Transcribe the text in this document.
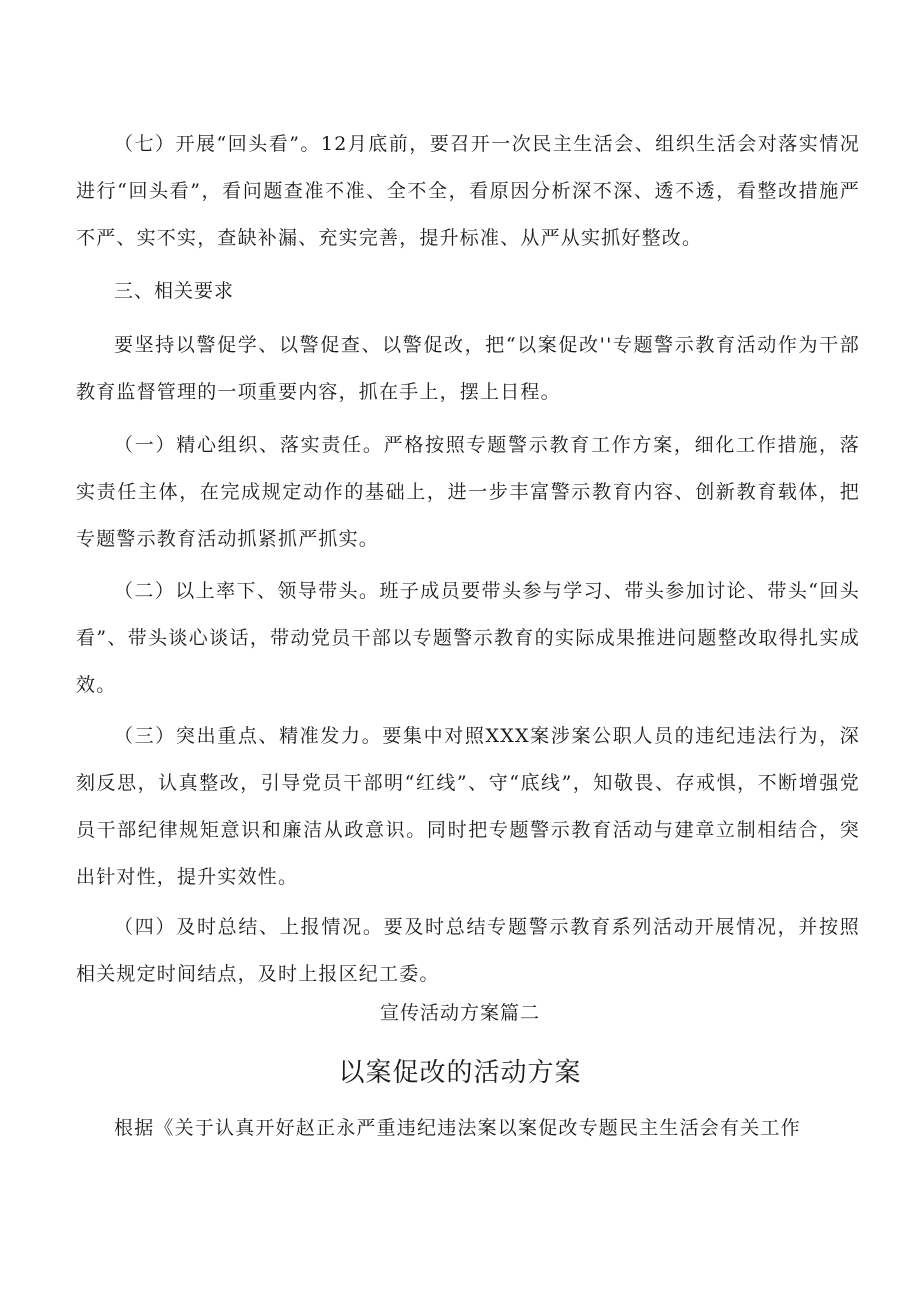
（七）开展“回头看”。12月底前，要召开一次民主生活会、组织生活会对落实情况进行“回头看”，看问题查准不准、全不全，看原因分析深不深、透不透，看整改措施严不严、实不实，查缺补漏、充实完善，提升标准、从严从实抓好整改。

三、相关要求

要坚持以警促学、以警促查、以警促改，把“以案促改''专题警示教育活动作为干部教育监督管理的一项重要内容，抓在手上，摆上日程。

（一）精心组织、落实责任。严格按照专题警示教育工作方案，细化工作措施，落实责任主体，在完成规定动作的基础上，进一步丰富警示教育内容、创新教育载体，把专题警示教育活动抓紧抓严抓实。

（二）以上率下、领导带头。班子成员要带头参与学习、带头参加讨论、带头“回头看”、带头谈心谈话，带动党员干部以专题警示教育的实际成果推进问题整改取得扎实成效。

（三）突出重点、精准发力。要集中对照XXX案涉案公职人员的违纪违法行为，深刻反思，认真整改，引导党员干部明“红线”、守“底线”，知敬畏、存戒惧，不断增强党员干部纪律规矩意识和廉洁从政意识。同时把专题警示教育活动与建章立制相结合，突出针对性，提升实效性。

（四）及时总结、上报情况。要及时总结专题警示教育系列活动开展情况，并按照相关规定时间结点，及时上报区纪工委。

宣传活动方案篇二
以案促改的活动方案

根据《关于认真开好赵正永严重违纪违法案以案促改专题民主生活会有关工作
